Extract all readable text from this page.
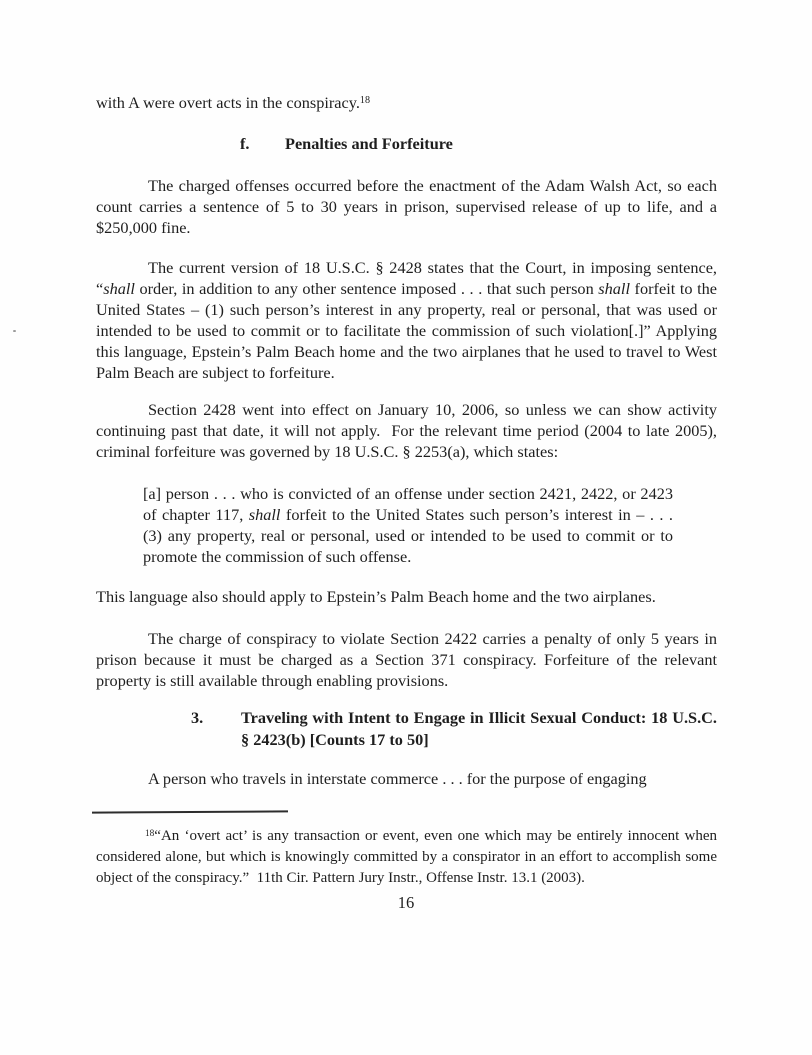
with A were overt acts in the conspiracy.$^{18}$

f.	Penalties and Forfeiture

The charged offenses occurred before the enactment of the Adam Walsh Act, so each count carries a sentence of 5 to 30 years in prison, supervised release of up to life, and a $250,000 fine.

The current version of 18 U.S.C. § 2428 states that the Court, in imposing sentence, “shall order, in addition to any other sentence imposed . . . that such person shall forfeit to the United States – (1) such person’s interest in any property, real or personal, that was used or intended to be used to commit or to facilitate the commission of such violation[.]” Applying this language, Epstein’s Palm Beach home and the two airplanes that he used to travel to West Palm Beach are subject to forfeiture.

Section 2428 went into effect on January 10, 2006, so unless we can show activity continuing past that date, it will not apply.  For the relevant time period (2004 to late 2005), criminal forfeiture was governed by 18 U.S.C. § 2253(a), which states:

[a] person . . . who is convicted of an offense under section 2421, 2422, or 2423 of chapter 117, shall forfeit to the United States such person’s interest in – . . . (3) any property, real or personal, used or intended to be used to commit or to promote the commission of such offense.

This language also should apply to Epstein’s Palm Beach home and the two airplanes.

The charge of conspiracy to violate Section 2422 carries a penalty of only 5 years in prison because it must be charged as a Section 371 conspiracy. Forfeiture of the relevant property is still available through enabling provisions.

3.	Traveling with Intent to Engage in Illicit Sexual Conduct: 18 U.S.C. § 2423(b) [Counts 17 to 50]

A person who travels in interstate commerce . . . for the purpose of engaging

$^{18}$“An ‘overt act’ is any transaction or event, even one which may be entirely innocent when considered alone, but which is knowingly committed by a conspirator in an effort to accomplish some object of the conspiracy.”  11th Cir. Pattern Jury Instr., Offense Instr. 13.1 (2003).

16
